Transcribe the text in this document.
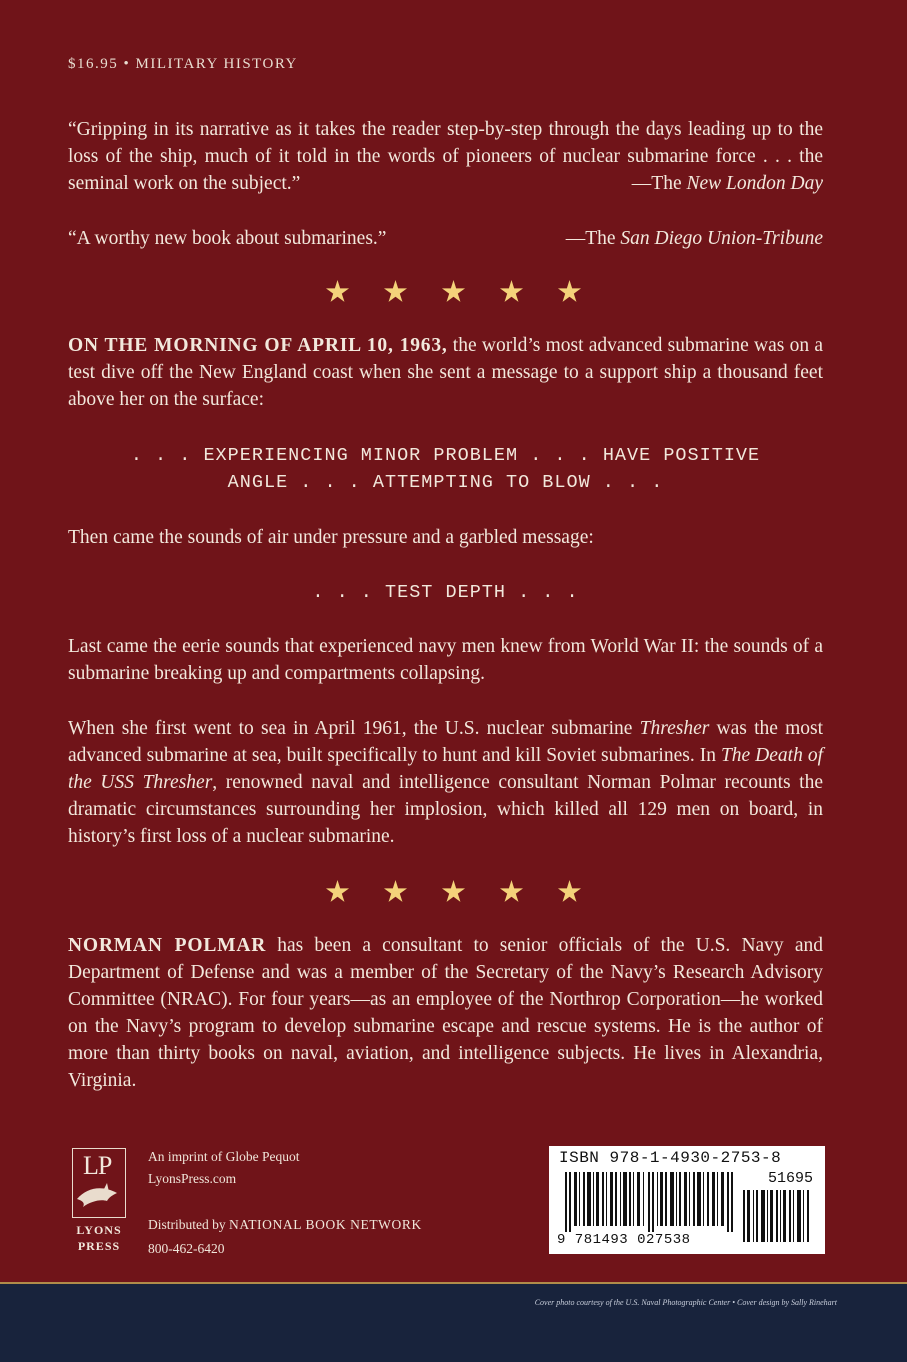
$16.95 • MILITARY HISTORY
“Gripping in its narrative as it takes the reader step-by-step through the days leading up to the loss of the ship, much of it told in the words of pioneers of nuclear submarine force . . . the seminal work on the subject.”	—The New London Day
“A worthy new book about submarines.”	—The San Diego Union-Tribune
ON THE MORNING OF APRIL 10, 1963, the world’s most advanced submarine was on a test dive off the New England coast when she sent a message to a support ship a thousand feet above her on the surface:
. . . EXPERIENCING MINOR PROBLEM . . . HAVE POSITIVE
ANGLE . . . ATTEMPTING TO BLOW . . .
Then came the sounds of air under pressure and a garbled message:
. . . TEST DEPTH . . .
Last came the eerie sounds that experienced navy men knew from World War II: the sounds of a submarine breaking up and compartments collapsing.
When she first went to sea in April 1961, the U.S. nuclear submarine Thresher was the most advanced submarine at sea, built specifically to hunt and kill Soviet submarines. In The Death of the USS Thresher, renowned naval and intelligence consultant Norman Polmar recounts the dramatic circumstances surrounding her implosion, which killed all 129 men on board, in history’s first loss of a nuclear submarine.
NORMAN POLMAR has been a consultant to senior officials of the U.S. Navy and Department of Defense and was a member of the Secretary of the Navy’s Research Advisory Committee (NRAC). For four years—as an employee of the Northrop Corporation—he worked on the Navy’s program to develop submarine escape and rescue systems. He is the author of more than thirty books on naval, aviation, and intelligence subjects. He lives in Alexandria, Virginia.
LP
LYONS
PRESS
An imprint of Globe Pequot
LyonsPress.com
Distributed by NATIONAL BOOK NETWORK
800-462-6420
ISBN 978-1-4930-2753-8
51695
9 781493 027538
Cover photo courtesy of the U.S. Naval Photographic Center • Cover design by Sally Rinehart
